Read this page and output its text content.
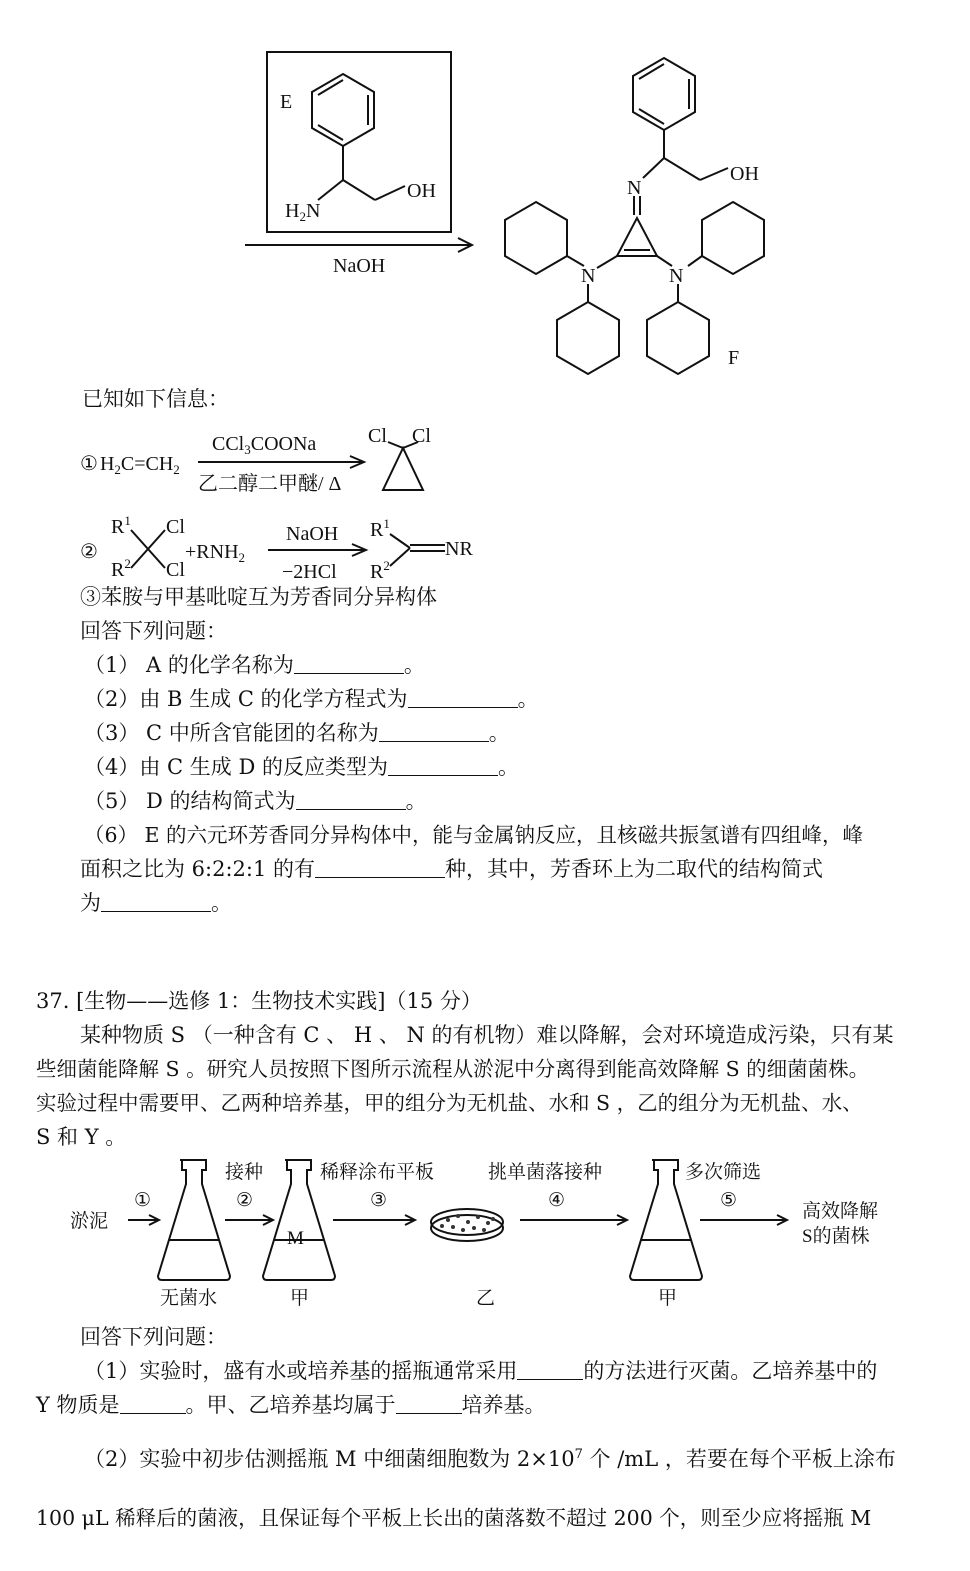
E
$H_2N$
OH
NaOH
N
OH
N	N
F
已知如下信息：
① $H_2C=CH_2$
CCl$_3$COONa
乙二醇二甲醚/ Δ
Cl Cl
②
$R^1$
$R^2$
Cl
Cl
$+RNH_2$
NaOH
−2HCl
$R^1$
$R^2$
NR
③苯胺与甲基吡啶互为芳香同分异构体
回答下列问题：
（1） A 的化学名称为	。
（2）由 B 生成 C 的化学方程式为	。
（3） C 中所含官能团的名称为	。
（4）由 C 生成 D 的反应类型为	。
（5） D 的结构简式为	。
（6） E 的六元环芳香同分异构体中，能与金属钠反应，且核磁共振氢谱有四组峰，峰
面积之比为 6:2:2:1 的有	种，其中，芳香环上为二取代的结构简式
为	。
37. [生物——选修 1：生物技术实践]（15 分）
某种物质 S （一种含有 C 、 H 、 N 的有机物）难以降解，会对环境造成污染，只有某
些细菌能降解 S 。研究人员按照下图所示流程从淤泥中分离得到能高效降解 S 的细菌菌株。
实验过程中需要甲、乙两种培养基，甲的组分为无机盐、水和 S ，乙的组分为无机盐、水、
S 和 Y 。
淤泥
①	②	③	④	⑤
接种	稀释涂布平板	挑单菌落接种	多次筛选
M
无菌水	甲	乙	甲
高效降解
S的菌株
回答下列问题：
（1）实验时，盛有水或培养基的摇瓶通常采用	的方法进行灭菌。乙培养基中的
Y 物质是	。甲、乙培养基均属于	培养基。
（2）实验中初步估测摇瓶 M 中细菌细胞数为 $2\times 10^7$ 个 /mL ，若要在每个平板上涂布
100 μL 稀释后的菌液，且保证每个平板上长出的菌落数不超过 200 个，则至少应将摇瓶 M
